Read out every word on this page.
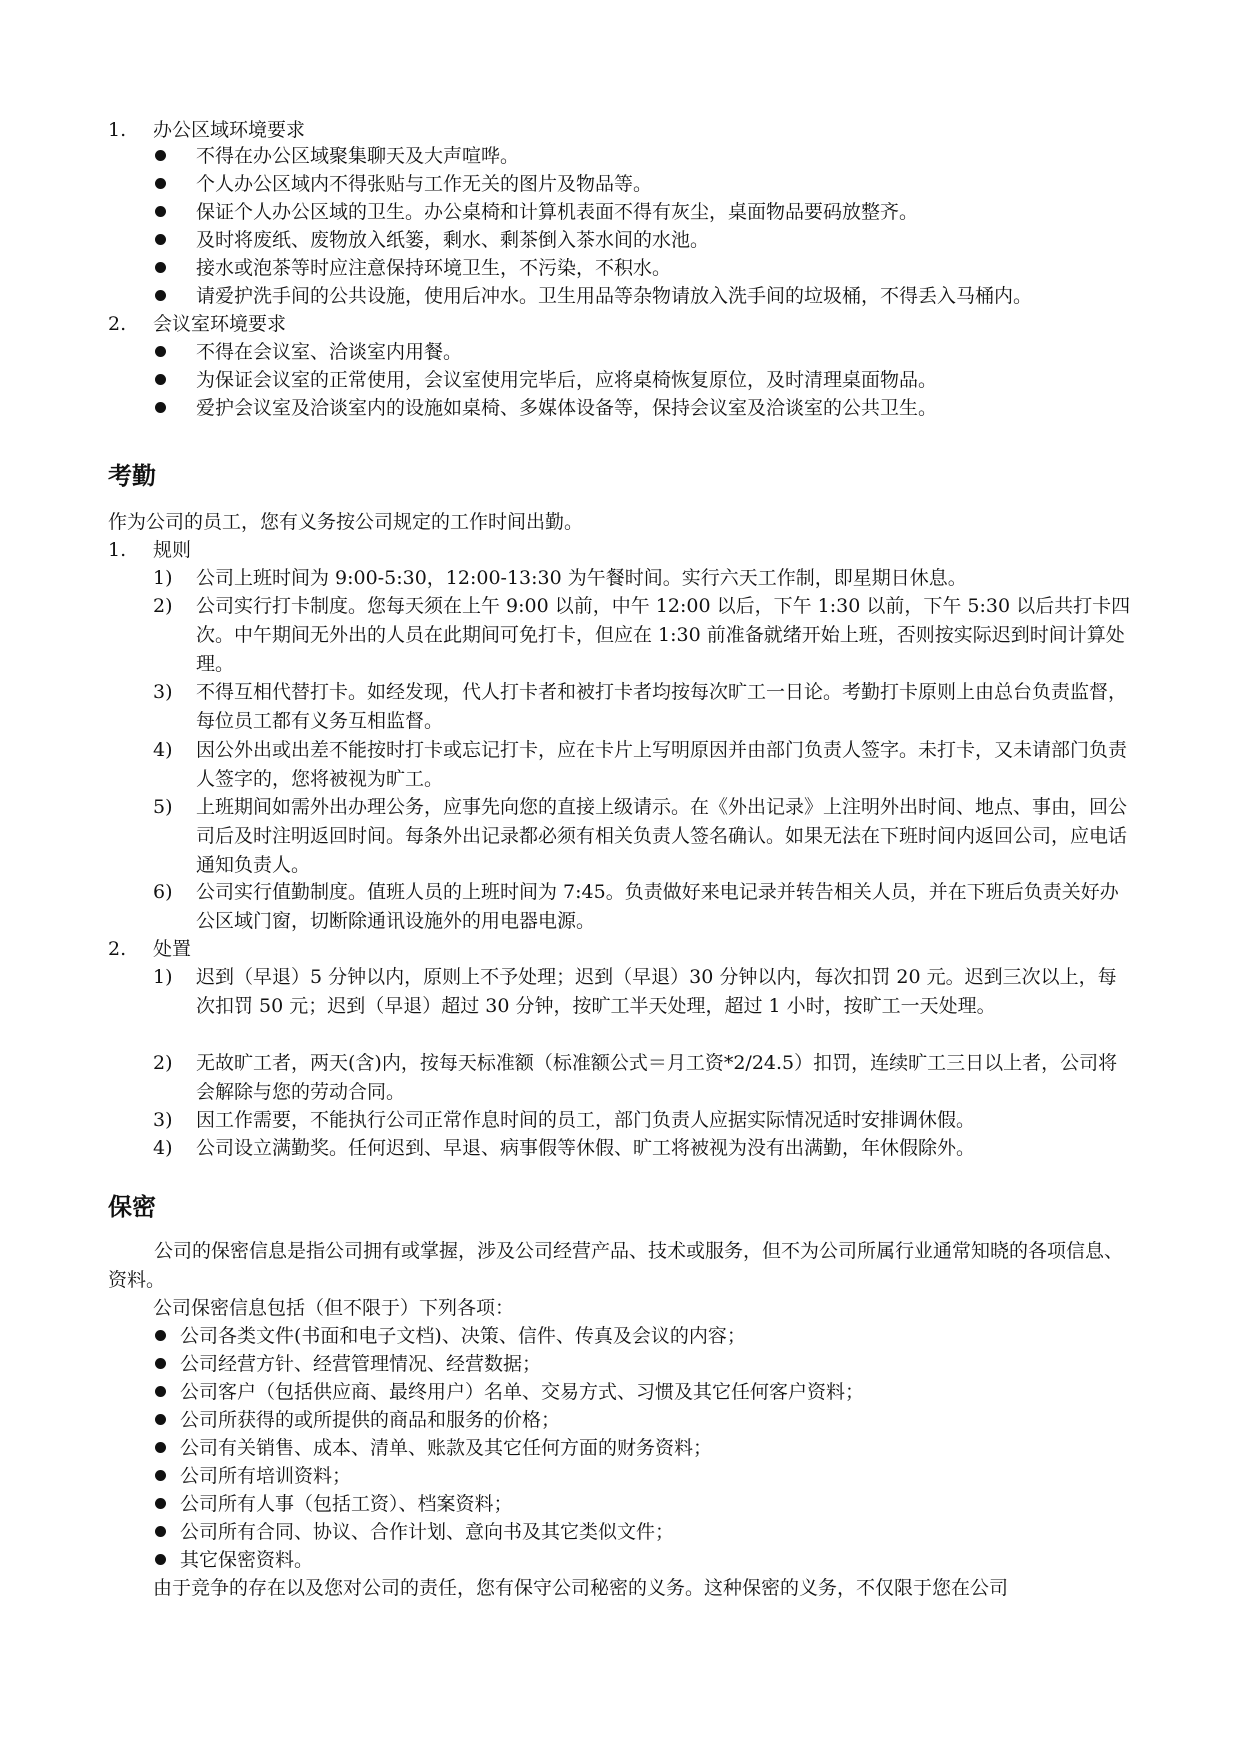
1. 办公区域环境要求
不得在办公区域聚集聊天及大声喧哗。
个人办公区域内不得张贴与工作无关的图片及物品等。
保证个人办公区域的卫生。办公桌椅和计算机表面不得有灰尘，桌面物品要码放整齐。
及时将废纸、废物放入纸篓，剩水、剩茶倒入茶水间的水池。
接水或泡茶等时应注意保持环境卫生，不污染，不积水。
请爱护洗手间的公共设施，使用后冲水。卫生用品等杂物请放入洗手间的垃圾桶，不得丢入马桶内。
2. 会议室环境要求
不得在会议室、洽谈室内用餐。
为保证会议室的正常使用，会议室使用完毕后，应将桌椅恢复原位，及时清理桌面物品。
爱护会议室及洽谈室内的设施如桌椅、多媒体设备等，保持会议室及洽谈室的公共卫生。
考勤
作为公司的员工，您有义务按公司规定的工作时间出勤。
1. 规则
1) 公司上班时间为 9:00-5:30，12:00-13:30 为午餐时间。实行六天工作制，即星期日休息。
2) 公司实行打卡制度。您每天须在上午 9:00 以前，中午 12:00 以后，下午 1:30 以前，下午 5:30 以后共打卡四次。中午期间无外出的人员在此期间可免打卡，但应在 1:30 前准备就绪开始上班，否则按实际迟到时间计算处理。
3) 不得互相代替打卡。如经发现，代人打卡者和被打卡者均按每次旷工一日论。考勤打卡原则上由总台负责监督，每位员工都有义务互相监督。
4) 因公外出或出差不能按时打卡或忘记打卡，应在卡片上写明原因并由部门负责人签字。未打卡，又未请部门负责人签字的，您将被视为旷工。
5) 上班期间如需外出办理公务，应事先向您的直接上级请示。在《外出记录》上注明外出时间、地点、事由，回公司后及时注明返回时间。每条外出记录都必须有相关负责人签名确认。如果无法在下班时间内返回公司，应电话通知负责人。
6) 公司实行值勤制度。值班人员的上班时间为 7:45。负责做好来电记录并转告相关人员，并在下班后负责关好办公区域门窗，切断除通讯设施外的用电器电源。
2. 处置
1) 迟到（早退）5 分钟以内，原则上不予处理；迟到（早退）30 分钟以内，每次扣罚 20 元。迟到三次以上，每次扣罚 50 元；迟到（早退）超过 30 分钟，按旷工半天处理，超过 1 小时，按旷工一天处理。
2) 无故旷工者，两天(含)内，按每天标准额（标准额公式＝月工资*2/24.5）扣罚，连续旷工三日以上者，公司将会解除与您的劳动合同。
3) 因工作需要，不能执行公司正常作息时间的员工，部门负责人应据实际情况适时安排调休假。
4) 公司设立满勤奖。任何迟到、早退、病事假等休假、旷工将被视为没有出满勤，年休假除外。
保密
公司的保密信息是指公司拥有或掌握，涉及公司经营产品、技术或服务，但不为公司所属行业通常知晓的各项信息、资料。
公司保密信息包括（但不限于）下列各项：
公司各类文件(书面和电子文档)、决策、信件、传真及会议的内容；
公司经营方针、经营管理情况、经营数据；
公司客户（包括供应商、最终用户）名单、交易方式、习惯及其它任何客户资料；
公司所获得的或所提供的商品和服务的价格；
公司有关销售、成本、清单、账款及其它任何方面的财务资料；
公司所有培训资料；
公司所有人事（包括工资）、档案资料；
公司所有合同、协议、合作计划、意向书及其它类似文件；
其它保密资料。
由于竞争的存在以及您对公司的责任，您有保守公司秘密的义务。这种保密的义务，不仅限于您在公司
